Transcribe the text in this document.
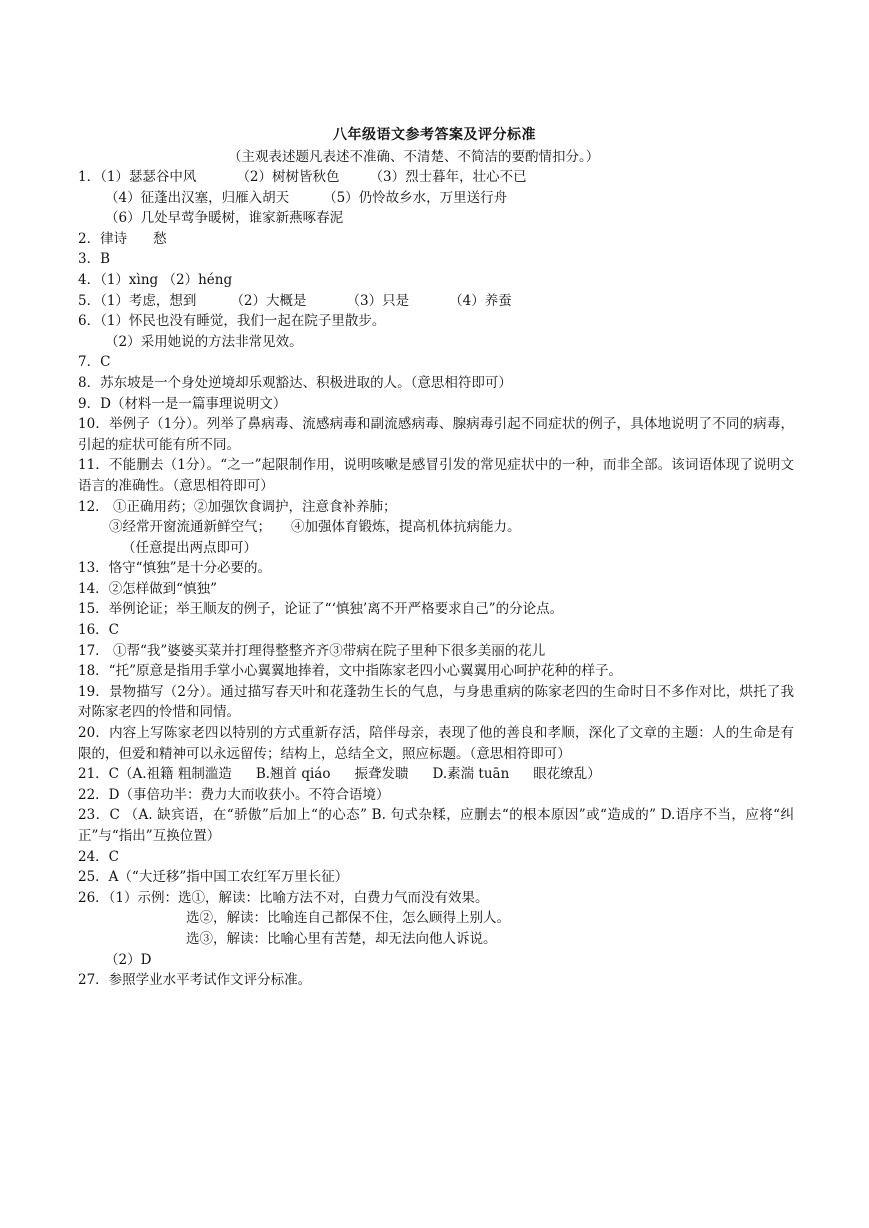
八年级语文参考答案及评分标准
（主观表述题凡表述不准确、不清楚、不简洁的要酌情扣分。）
1．（1）瑟瑟谷中风	（2）树树皆秋色 （3）烈士暮年，壮心不已
（4）征蓬出汉塞，归雁入胡天	（5）仍怜故乡水，万里送行舟
（6）几处早莺争暖树，谁家新燕啄春泥
2．律诗 愁
3．B
4．（1）xìng （2）héng
5．（1）考虑，想到	（2）大概是	（3）只是	（4）养蚕
6．（1）怀民也没有睡觉，我们一起在院子里散步。
（2）采用她说的方法非常见效。
7．C
8．苏东坡是一个身处逆境却乐观豁达、积极进取的人。（意思相符即可）
9．D（材料一是一篇事理说明文）
10．举例子（1分）。列举了鼻病毒、流感病毒和副流感病毒、腺病毒引起不同症状的例子，具体地说明了不同的病毒，引起的症状可能有所不同。
11．不能删去（1分）。“之一”起限制作用，说明咳嗽是感冒引发的常见症状中的一种，而非全部。该词语体现了说明文语言的准确性。（意思相符即可）
12． ①正确用药；②加强饮食调护，注意食补养肺；
③经常开窗流通新鲜空气； ④加强体育锻炼，提高机体抗病能力。
（任意提出两点即可）
13．恪守“慎独”是十分必要的。
14．②怎样做到“慎独”
15．举例论证；举王顺友的例子，论证了“‘慎独’离不开严格要求自己”的分论点。
16．C
17． ①帮“我”婆婆买菜并打理得整整齐齐③带病在院子里种下很多美丽的花儿
18．“托”原意是指用手掌小心翼翼地捧着，文中指陈家老四小心翼翼用心呵护花种的样子。
19．景物描写（2分）。通过描写春天叶和花蓬勃生长的气息，与身患重病的陈家老四的生命时日不多作对比，烘托了我对陈家老四的怜惜和同情。
20．内容上写陈家老四以特别的方式重新存活，陪伴母亲，表现了他的善良和孝顺，深化了文章的主题：人的生命是有限的，但爱和精神可以永远留传；结构上，总结全文，照应标题。（意思相符即可）
21．C（A.祖籍 粗制滥造 B.翘首 qiáo 振聋发聩 D.素湍 tuān 眼花缭乱）
22．D（事倍功半：费力大而收获小。不符合语境）
23．C （A. 缺宾语，在“骄傲”后加上“的心态” B. 句式杂糅，应删去“的根本原因”或“造成的” D.语序不当，应将“纠正”与“指出”互换位置）
24．C
25．A（“大迁移”指中国工农红军万里长征）
26．（1）示例：选①，解读：比喻方法不对，白费力气而没有效果。
选②，解读：比喻连自己都保不住，怎么顾得上别人。
选③，解读：比喻心里有苦楚，却无法向他人诉说。
（2）D
27．参照学业水平考试作文评分标准。
